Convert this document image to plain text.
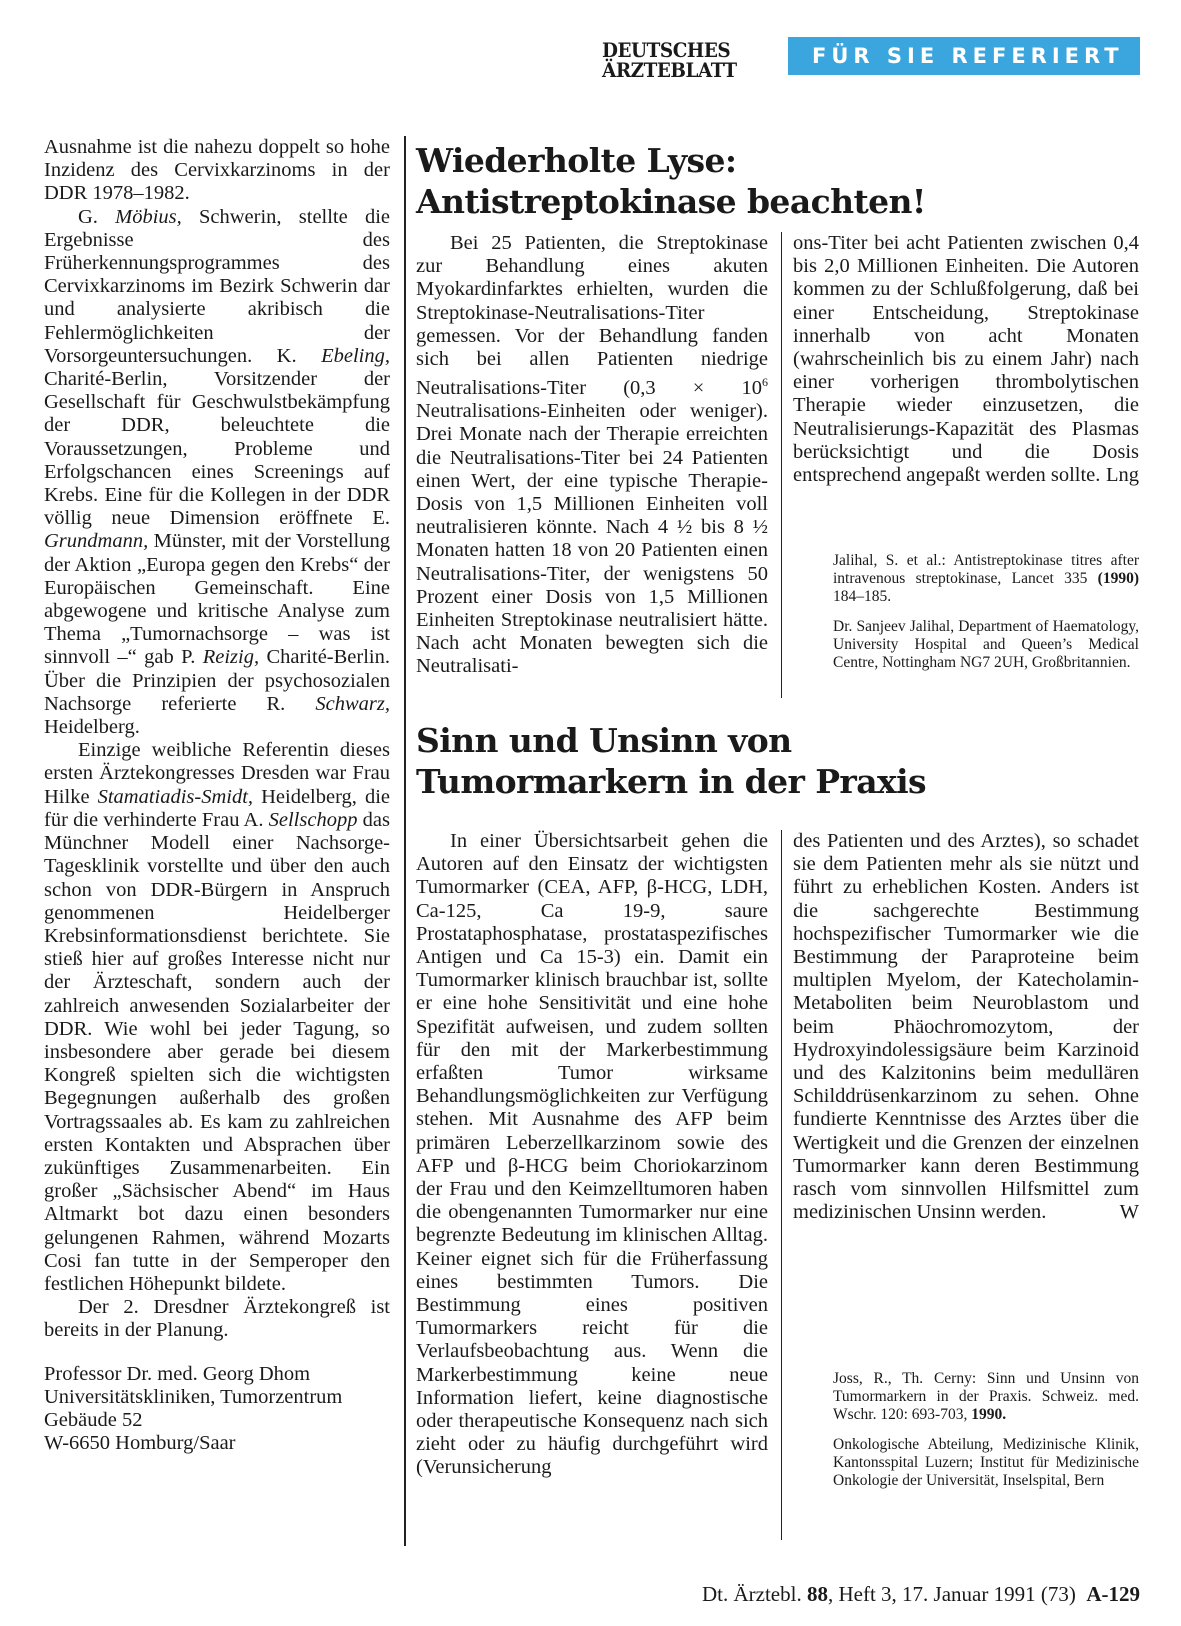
DEUTSCHES
ÄRZTEBLATT
FÜR SIE REFERIERT

Ausnahme ist die nahezu doppelt so hohe Inzidenz des Cervixkarzinoms in der DDR 1978–1982.

G. Möbius, Schwerin, stellte die Ergebnisse des Früherkennungsprogrammes des Cervixkarzinoms im Bezirk Schwerin dar und analysierte akribisch die Fehlermöglichkeiten der Vorsorgeuntersuchungen. K. Ebeling, Charité-Berlin, Vorsitzender der Gesellschaft für Geschwulstbekämpfung der DDR, beleuchtete die Voraussetzungen, Probleme und Erfolgschancen eines Screenings auf Krebs. Eine für die Kollegen in der DDR völlig neue Dimension eröffnete E. Grundmann, Münster, mit der Vorstellung der Aktion „Europa gegen den Krebs“ der Europäischen Gemeinschaft. Eine abgewogene und kritische Analyse zum Thema „Tumornachsorge – was ist sinnvoll –“ gab P. Reizig, Charité-Berlin. Über die Prinzipien der psychosozialen Nachsorge referierte R. Schwarz, Heidelberg.

Einzige weibliche Referentin dieses ersten Ärztekongresses Dresden war Frau Hilke Stamatiadis-Smidt, Heidelberg, die für die verhinderte Frau A. Sellschopp das Münchner Modell einer Nachsorge-Tagesklinik vorstellte und über den auch schon von DDR-Bürgern in Anspruch genommenen Heidelberger Krebsinformationsdienst berichtete. Sie stieß hier auf großes Interesse nicht nur der Ärzteschaft, sondern auch der zahlreich anwesenden Sozialarbeiter der DDR. Wie wohl bei jeder Tagung, so insbesondere aber gerade bei diesem Kongreß spielten sich die wichtigsten Begegnungen außerhalb des großen Vortragssaales ab. Es kam zu zahlreichen ersten Kontakten und Absprachen über zukünftiges Zusammenarbeiten. Ein großer „Sächsischer Abend“ im Haus Altmarkt bot dazu einen besonders gelungenen Rahmen, während Mozarts Cosi fan tutte in der Semperoper den festlichen Höhepunkt bildete.

Der 2. Dresdner Ärztekongreß ist bereits in der Planung.

Professor Dr. med. Georg Dhom
Universitätskliniken, Tumorzentrum
Gebäude 52
W-6650 Homburg/Saar

Wiederholte Lyse:
Antistreptokinase beachten!

Bei 25 Patienten, die Streptokinase zur Behandlung eines akuten Myokardinfarktes erhielten, wurden die Streptokinase-Neutralisations-Titer gemessen. Vor der Behandlung fanden sich bei allen Patienten niedrige Neutralisations-Titer ($0,3 \times 10^6$ Neutralisations-Einheiten oder weniger). Drei Monate nach der Therapie erreichten die Neutralisations-Titer bei 24 Patienten einen Wert, der eine typische Therapie-Dosis von 1,5 Millionen Einheiten voll neutralisieren könnte. Nach 4 ½ bis 8 ½ Monaten hatten 18 von 20 Patienten einen Neutralisations-Titer, der wenigstens 50 Prozent einer Dosis von 1,5 Millionen Einheiten Streptokinase neutralisiert hätte. Nach acht Monaten bewegten sich die Neutralisati-

ons-Titer bei acht Patienten zwischen 0,4 bis 2,0 Millionen Einheiten. Die Autoren kommen zu der Schlußfolgerung, daß bei einer Entscheidung, Streptokinase innerhalb von acht Monaten (wahrscheinlich bis zu einem Jahr) nach einer vorherigen thrombolytischen Therapie wieder einzusetzen, die Neutralisierungs-Kapazität des Plasmas berücksichtigt und die Dosis entsprechend angepaßt werden sollte. Lng

Jalihal, S. et al.: Antistreptokinase titres after intravenous streptokinase, Lancet 335 (1990) 184–185.

Dr. Sanjeev Jalihal, Department of Haematology, University Hospital and Queen’s Medical Centre, Nottingham NG7 2UH, Großbritannien.

Sinn und Unsinn von
Tumormarkern in der Praxis

In einer Übersichtsarbeit gehen die Autoren auf den Einsatz der wichtigsten Tumormarker (CEA, AFP, β-HCG, LDH, Ca-125, Ca 19-9, saure Prostataphosphatase, prostataspezifisches Antigen und Ca 15-3) ein. Damit ein Tumormarker klinisch brauchbar ist, sollte er eine hohe Sensitivität und eine hohe Spezifität aufweisen, und zudem sollten für den mit der Markerbestimmung erfaßten Tumor wirksame Behandlungsmöglichkeiten zur Verfügung stehen. Mit Ausnahme des AFP beim primären Leberzellkarzinom sowie des AFP und β-HCG beim Choriokarzinom der Frau und den Keimzelltumoren haben die obengenannten Tumormarker nur eine begrenzte Bedeutung im klinischen Alltag. Keiner eignet sich für die Früherfassung eines bestimmten Tumors. Die Bestimmung eines positiven Tumormarkers reicht für die Verlaufsbeobachtung aus. Wenn die Markerbestimmung keine neue Information liefert, keine diagnostische oder therapeutische Konsequenz nach sich zieht oder zu häufig durchgeführt wird (Verunsicherung

des Patienten und des Arztes), so schadet sie dem Patienten mehr als sie nützt und führt zu erheblichen Kosten. Anders ist die sachgerechte Bestimmung hochspezifischer Tumormarker wie die Bestimmung der Paraproteine beim multiplen Myelom, der Katecholamin-Metaboliten beim Neuroblastom und beim Phäochromozytom, der Hydroxyindolessigsäure beim Karzinoid und des Kalzitonins beim medullären Schilddrüsenkarzinom zu sehen. Ohne fundierte Kenntnisse des Arztes über die Wertigkeit und die Grenzen der einzelnen Tumormarker kann deren Bestimmung rasch vom sinnvollen Hilfsmittel zum medizinischen Unsinn werden.	W

Joss, R., Th. Cerny: Sinn und Unsinn von Tumormarkern in der Praxis. Schweiz. med. Wschr. 120: 693-703, 1990.

Onkologische Abteilung, Medizinische Klinik, Kantonsspital Luzern; Institut für Medizinische Onkologie der Universität, Inselspital, Bern

Dt. Ärztebl. 88, Heft 3, 17. Januar 1991 (73) A-129
